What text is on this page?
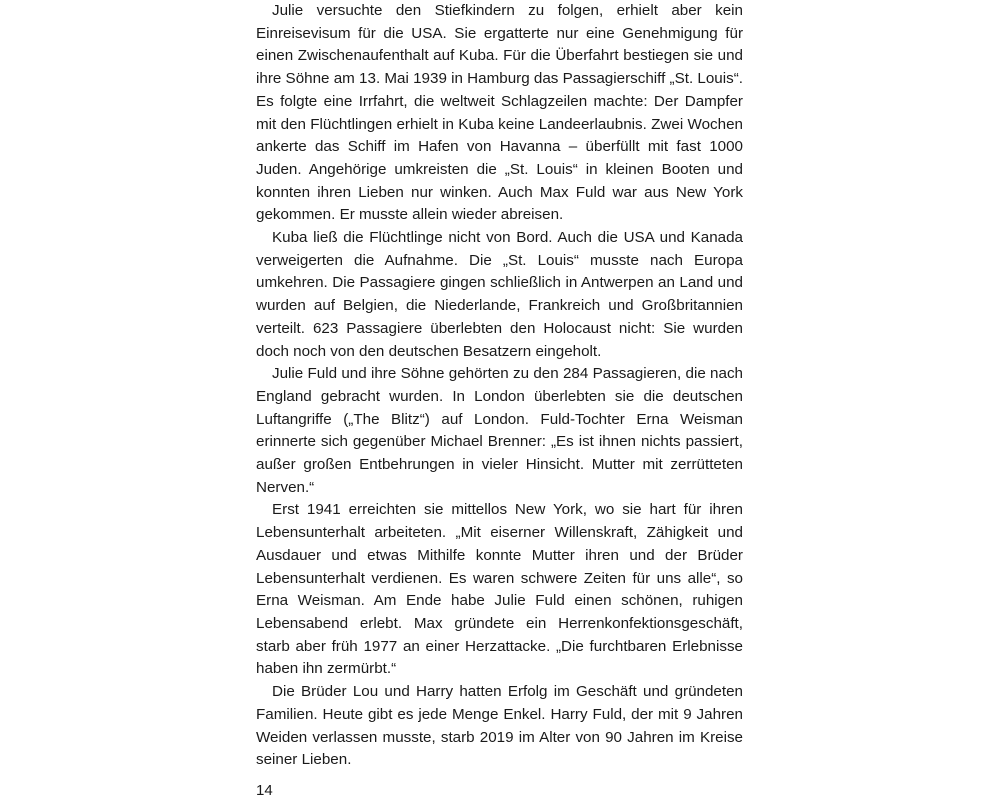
Julie versuchte den Stiefkindern zu folgen, erhielt aber kein Einreisevisum für die USA. Sie ergatterte nur eine Genehmigung für einen Zwischenaufenthalt auf Kuba. Für die Überfahrt bestiegen sie und ihre Söhne am 13. Mai 1939 in Hamburg das Passagierschiff „St. Louis“. Es folgte eine Irrfahrt, die weltweit Schlagzeilen machte: Der Dampfer mit den Flüchtlingen erhielt in Kuba keine Landeerlaubnis. Zwei Wochen ankerte das Schiff im Hafen von Havanna – überfüllt mit fast 1000 Juden. Angehörige umkreisten die „St. Louis“ in kleinen Booten und konnten ihren Lieben nur winken. Auch Max Fuld war aus New York gekommen. Er musste allein wieder abreisen.

Kuba ließ die Flüchtlinge nicht von Bord. Auch die USA und Kanada verweigerten die Aufnahme. Die „St. Louis“ musste nach Europa umkehren. Die Passagiere gingen schließlich in Antwerpen an Land und wurden auf Belgien, die Niederlande, Frankreich und Großbritannien verteilt. 623 Passagiere überlebten den Holocaust nicht: Sie wurden doch noch von den deutschen Besatzern eingeholt.

Julie Fuld und ihre Söhne gehörten zu den 284 Passagieren, die nach England gebracht wurden. In London überlebten sie die deutschen Luftangriffe („The Blitz“) auf London. Fuld-Tochter Erna Weisman erinnerte sich gegenüber Michael Brenner: „Es ist ihnen nichts passiert, außer großen Entbehrungen in vieler Hinsicht. Mutter mit zerrütteten Nerven.“

Erst 1941 erreichten sie mittellos New York, wo sie hart für ihren Lebensunterhalt arbeiteten. „Mit eiserner Willenskraft, Zähigkeit und Ausdauer und etwas Mithilfe konnte Mutter ihren und der Brüder Lebensunterhalt verdienen. Es waren schwere Zeiten für uns alle“, so Erna Weisman. Am Ende habe Julie Fuld einen schönen, ruhigen Lebensabend erlebt. Max gründete ein Herrenkonfektionsgeschäft, starb aber früh 1977 an einer Herzattacke. „Die furchtbaren Erlebnisse haben ihn zermürbt.“

Die Brüder Lou und Harry hatten Erfolg im Geschäft und gründeten Familien. Heute gibt es jede Menge Enkel. Harry Fuld, der mit 9 Jahren Weiden verlassen musste, starb 2019 im Alter von 90 Jahren im Kreise seiner Lieben.

14
